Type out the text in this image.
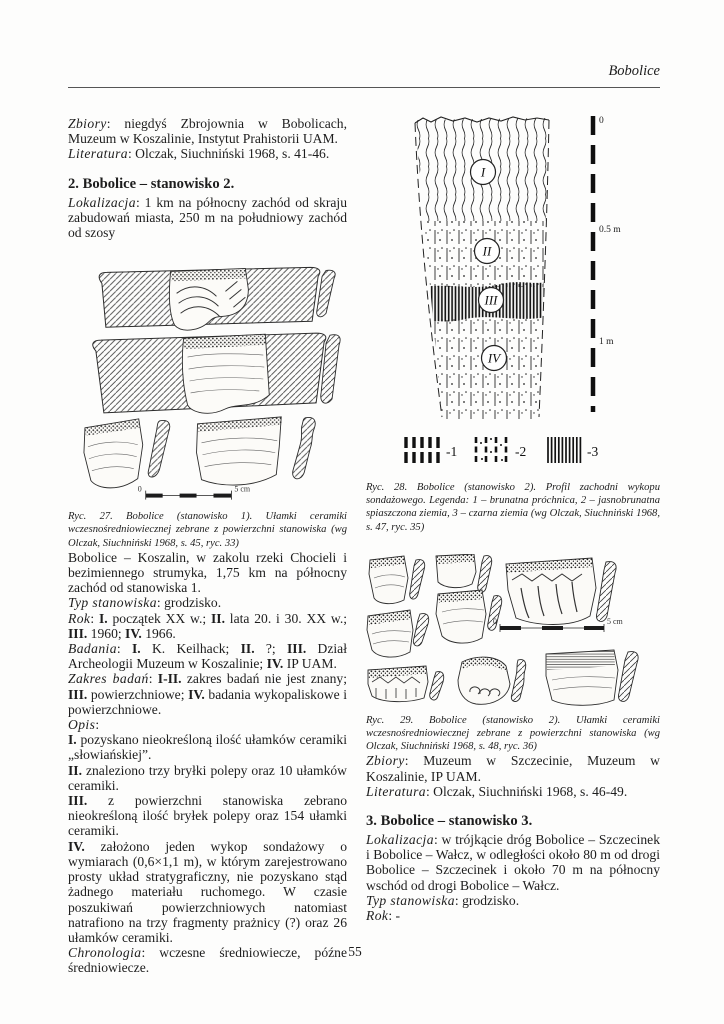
Bobolice

Zbiory: niegdyś Zbrojownia w Bobolicach, Muzeum w Koszalinie, Instytut Prahistorii UAM.

Literatura: Olczak, Siuchniński 1968, s. 41-46.

2. Bobolice – stanowisko 2.

Lokalizacja: 1 km na północny zachód od skraju zabudowań miasta, 250 m na południowy zachód od szosy

0	5 cm

Ryc. 27. Bobolice (stanowisko 1). Ułamki ceramiki wczesnośredniowiecznej zebrane z powierzchni stanowiska (wg Olczak, Siuchniński 1968, s. 45, ryc. 33)

Bobolice – Koszalin, w zakolu rzeki Chocieli i bezimiennego strumyka, 1,75 km na północny zachód od stanowiska 1.

Typ stanowiska: grodzisko.

Rok: I. początek XX w.; II. lata 20. i 30. XX w.; III. 1960; IV. 1966.

Badania: I. K. Keilhack; II. ?; III. Dział Archeologii Muzeum w Koszalinie; IV. IP UAM.

Zakres badań: I-II. zakres badań nie jest znany; III. powierzchniowe; IV. badania wykopaliskowe i powierzchniowe.

Opis:

I. pozyskano nieokreśloną ilość ułamków ceramiki „słowiańskiej”.

II. znaleziono trzy bryłki polepy oraz 10 ułamków ceramiki.

III. z powierzchni stanowiska zebrano nieokreśloną ilość bryłek polepy oraz 154 ułamki ceramiki.

IV. założono jeden wykop sondażowy o wymiarach (0,6×1,1 m), w którym zarejestrowano prosty układ stratygraficzny, nie pozyskano stąd żadnego materiału ruchomego. W czasie poszukiwań powierzchniowych natomiast natrafiono na trzy fragmenty prażnicy (?) oraz 26 ułamków ceramiki.

Chronologia: wczesne średniowiecze, późne średniowiecze.

I
II
III
IV
0
0.5 m
1 m
-1	-2	-3

Ryc. 28. Bobolice (stanowisko 2). Profil zachodni wykopu sondażowego. Legenda: 1 – brunatna próchnica, 2 – jasnobrunatna spiaszczona ziemia, 3 – czarna ziemia (wg Olczak, Siuchniński 1968, s. 47, ryc. 35)

0	5 cm

Ryc. 29. Bobolice (stanowisko 2). Ułamki ceramiki wczesnośredniowiecznej zebrane z powierzchni stanowiska (wg Olczak, Siuchniński 1968, s. 48, ryc. 36)

Zbiory: Muzeum w Szczecinie, Muzeum w Koszalinie, IP UAM.

Literatura: Olczak, Siuchniński 1968, s. 46-49.

3. Bobolice – stanowisko 3.

Lokalizacja: w trójkącie dróg Bobolice – Szczecinek i Bobolice – Wałcz, w odległości około 80 m od drogi Bobolice – Szczecinek i około 70 m na północny wschód od drogi Bobolice – Wałcz.

Typ stanowiska: grodzisko.

Rok: -

55
